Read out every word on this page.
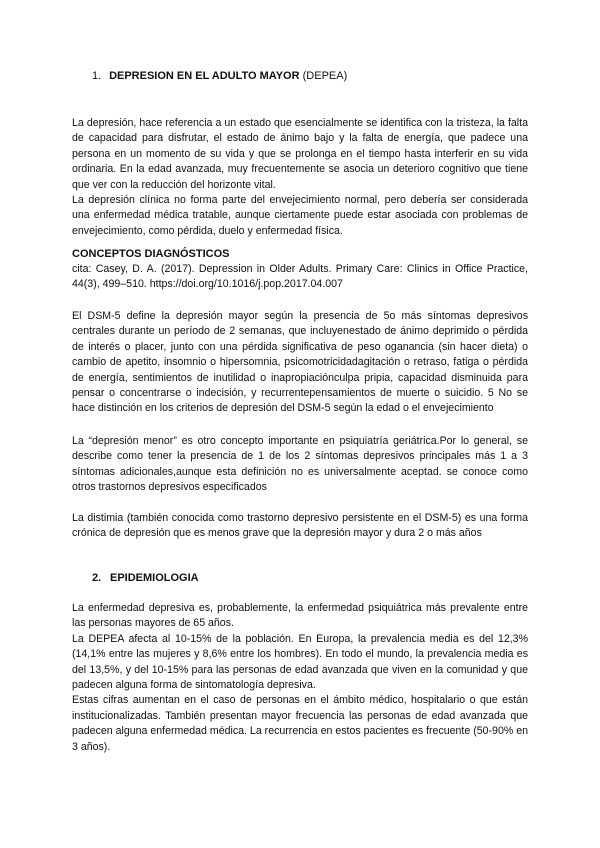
1. DEPRESION EN EL ADULTO MAYOR (DEPEA)

La depresión, hace referencia a un estado que esencialmente se identifica con la tristeza, la falta de capacidad para disfrutar, el estado de ánimo bajo y la falta de energía, que padece una persona en un momento de su vida y que se prolonga en el tiempo hasta interferir en su vida ordinaria. En la edad avanzada, muy frecuentemente se asocia un deterioro cognitivo que tiene que ver con la reducción del horizonte vital.

La depresión clínica no forma parte del envejecimiento normal, pero debería ser considerada una enfermedad médica tratable, aunque ciertamente puede estar asociada con problemas de envejecimiento, como pérdida, duelo y enfermedad física.

CONCEPTOS DIAGNÓSTICOS

cita: Casey, D. A. (2017). Depression in Older Adults. Primary Care: Clinics in Office Practice, 44(3), 499–510. https://doi.org/10.1016/j.pop.2017.04.007

El DSM-5 define la depresión mayor según la presencia de 5o más síntomas depresivos centrales durante un período de 2 semanas, que incluyenestado de ánimo deprimido o pérdida de interés o placer, junto con una pérdida significativa de peso oganancia (sin hacer dieta) o cambio de apetito, insomnio o hipersomnia, psicomotricidadagitación o retraso, fatiga o pérdida de energía, sentimientos de inutilidad o inapropiaciónculpa pripia, capacidad disminuida para pensar o concentrarse o indecisión, y recurrentepensamientos de muerte o suicidio. 5 No se hace distinción en los criterios de depresión del DSM-5 según la edad o el envejecimiento

La “depresión menor” es otro concepto importante en psiquiatría geriátrica.Por lo general, se describe como tener la presencia de 1 de los 2 síntomas depresivos principales más 1 a 3 síntomas adicionales,aunque esta definición no es universalmente aceptad. se conoce como otros trastornos depresivos especificados

La distimia (también conocida como trastorno depresivo persistente en el DSM-5) es una forma crónica de depresión que es menos grave que la depresión mayor y dura 2 o más años

2. EPIDEMIOLOGIA

La enfermedad depresiva es, probablemente, la enfermedad psiquiátrica más prevalente entre las personas mayores de 65 años.

La DEPEA afecta al 10-15% de la población. En Europa, la prevalencia media es del 12,3% (14,1% entre las mujeres y 8,6% entre los hombres). En todo el mundo, la prevalencia media es del 13,5%, y del 10-15% para las personas de edad avanzada que viven en la comunidad y que padecen alguna forma de sintomatología depresiva.

Estas cifras aumentan en el caso de personas en el ámbito médico, hospitalario o que están institucionalizadas. También presentan mayor frecuencia las personas de edad avanzada que padecen alguna enfermedad médica. La recurrencia en estos pacientes es frecuente (50-90% en 3 años).
